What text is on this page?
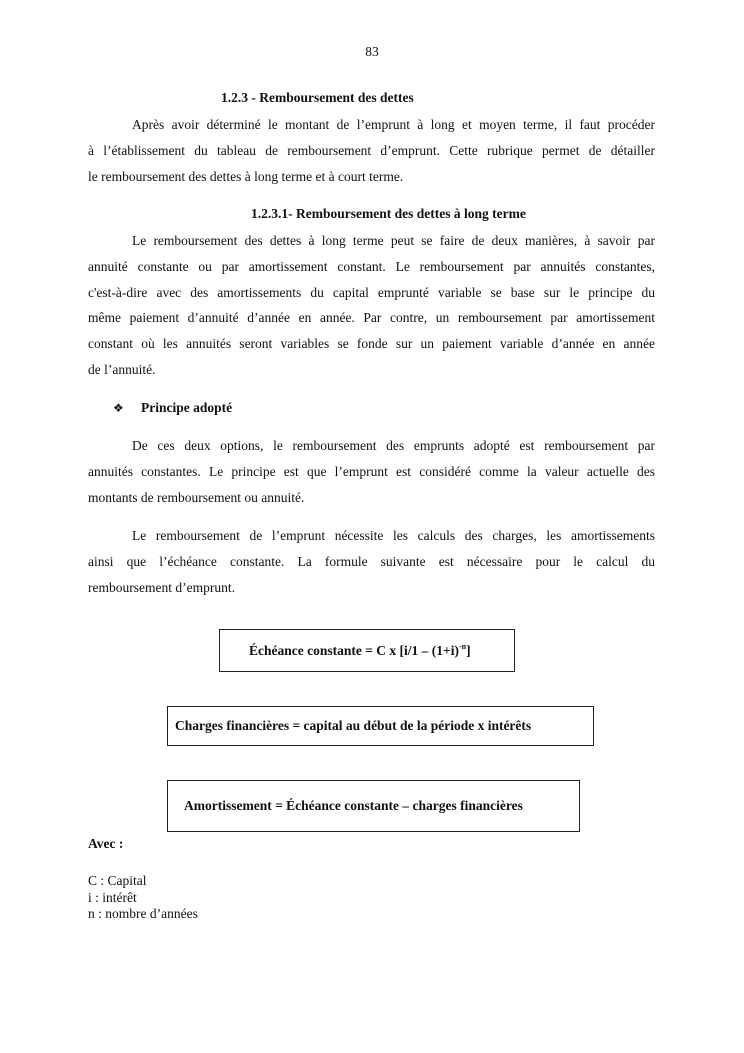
83
1.2.3 - Remboursement des dettes
Après avoir déterminé le montant de l’emprunt à long et moyen terme, il faut procéder
à l’établissement du tableau de remboursement d’emprunt. Cette rubrique permet de détailler
le remboursement des dettes à long terme et à court terme.
1.2.3.1- Remboursement des dettes à long terme
Le remboursement des dettes à long terme peut se faire de deux manières, à savoir par
annuité constante ou par amortissement constant. Le remboursement par annuités constantes,
c'est-à-dire avec des amortissements du capital emprunté variable se base sur le principe du
même paiement d’annuité d’année en année. Par contre, un remboursement par amortissement
constant où les annuités seront variables se fonde sur un paiement variable d’année en année
de l’annuité.
❖ Principe adopté
De ces deux options, le remboursement des emprunts adopté est remboursement par
annuités constantes. Le principe est que l’emprunt est considéré comme la valeur actuelle des
montants de remboursement ou annuité.
Le remboursement de l’emprunt nécessite les calculs des charges, les amortissements
ainsi que l’échéance constante. La formule suivante est nécessaire pour le calcul du
remboursement d’emprunt.
Échéance constante = C x $[i/1 - (1+i)^{-n}]$
Charges financières = capital au début de la période x intérêts
Amortissement = Échéance constante – charges financières
Avec :
C : Capital
i : intérêt
n : nombre d’années
